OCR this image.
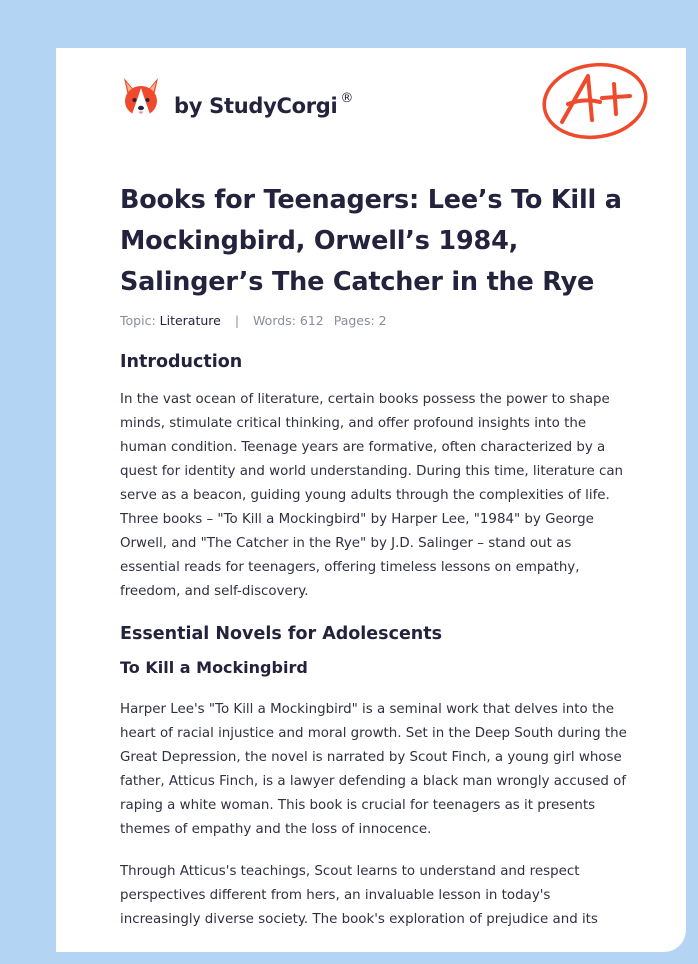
by StudyCorgi ®
Books for Teenagers: Lee’s To Kill a Mockingbird, Orwell’s 1984, Salinger’s The Catcher in the Rye
Topic: Literature | Words: 612 Pages: 2
Introduction

In the vast ocean of literature, certain books possess the power to shape minds, stimulate critical thinking, and offer profound insights into the human condition. Teenage years are formative, often characterized by a quest for identity and world understanding. During this time, literature can serve as a beacon, guiding young adults through the complexities of life. Three books – "To Kill a Mockingbird" by Harper Lee, "1984" by George Orwell, and "The Catcher in the Rye" by J.D. Salinger – stand out as essential reads for teenagers, offering timeless lessons on empathy, freedom, and self-discovery.

Essential Novels for Adolescents
To Kill a Mockingbird

Harper Lee's "To Kill a Mockingbird" is a seminal work that delves into the heart of racial injustice and moral growth. Set in the Deep South during the Great Depression, the novel is narrated by Scout Finch, a young girl whose father, Atticus Finch, is a lawyer defending a black man wrongly accused of raping a white woman. This book is crucial for teenagers as it presents themes of empathy and the loss of innocence.

Through Atticus's teachings, Scout learns to understand and respect perspectives different from hers, an invaluable lesson in today's increasingly diverse society. The book's exploration of prejudice and its
